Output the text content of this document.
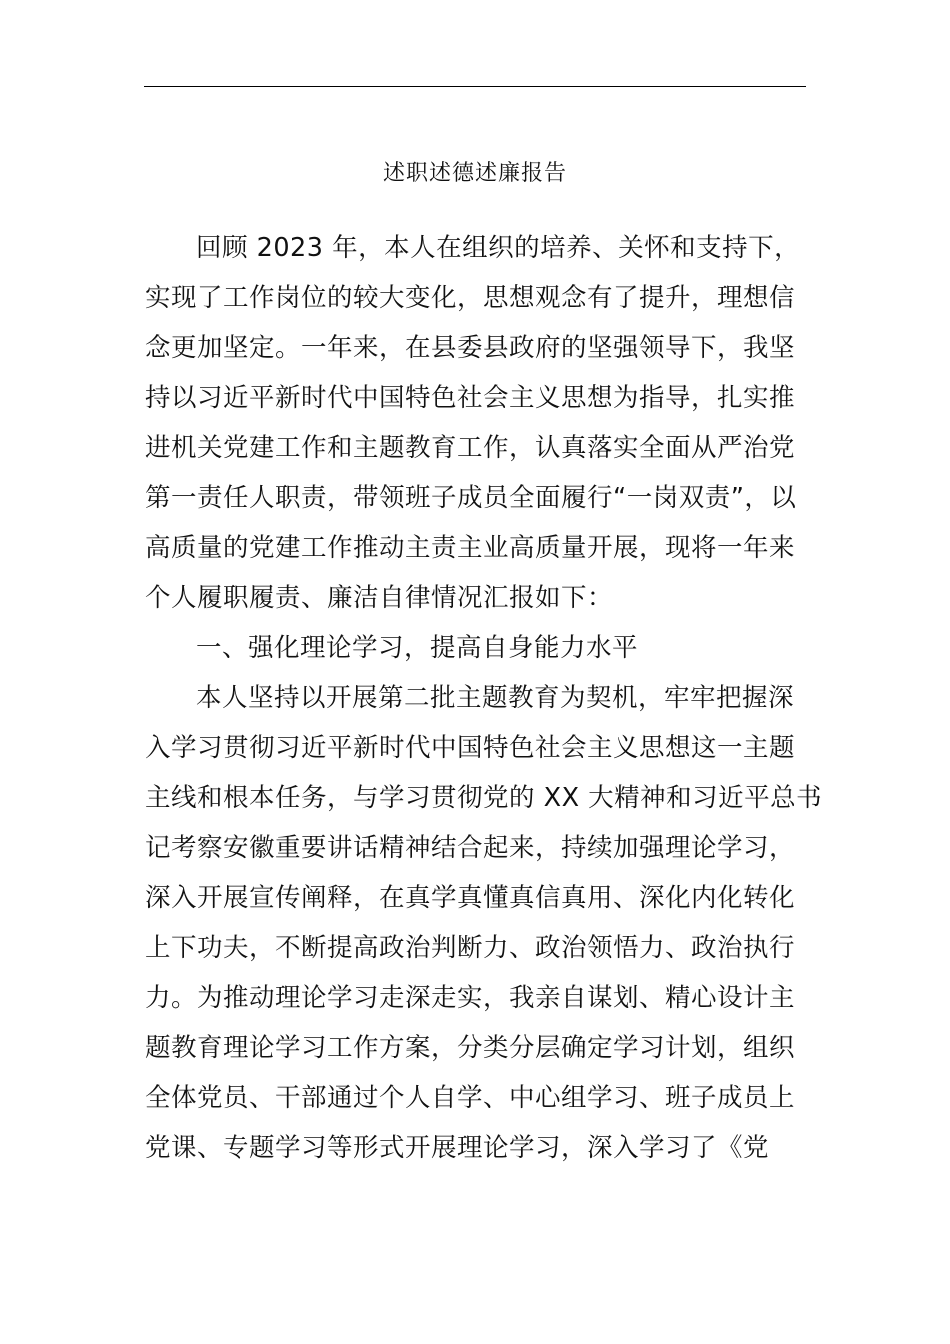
述职述德述廉报告
回顾 2023 年，本人在组织的培养、关怀和支持下，
实现了工作岗位的较大变化，思想观念有了提升，理想信
念更加坚定。一年来，在县委县政府的坚强领导下，我坚
持以习近平新时代中国特色社会主义思想为指导，扎实推
进机关党建工作和主题教育工作，认真落实全面从严治党
第一责任人职责，带领班子成员全面履行“一岗双责”，以
高质量的党建工作推动主责主业高质量开展，现将一年来
个人履职履责、廉洁自律情况汇报如下：
一、强化理论学习，提高自身能力水平
本人坚持以开展第二批主题教育为契机，牢牢把握深
入学习贯彻习近平新时代中国特色社会主义思想这一主题
主线和根本任务，与学习贯彻党的 XX 大精神和习近平总书
记考察安徽重要讲话精神结合起来，持续加强理论学习，
深入开展宣传阐释，在真学真懂真信真用、深化内化转化
上下功夫，不断提高政治判断力、政治领悟力、政治执行
力。为推动理论学习走深走实，我亲自谋划、精心设计主
题教育理论学习工作方案，分类分层确定学习计划，组织
全体党员、干部通过个人自学、中心组学习、班子成员上
党课、专题学习等形式开展理论学习，深入学习了《党
